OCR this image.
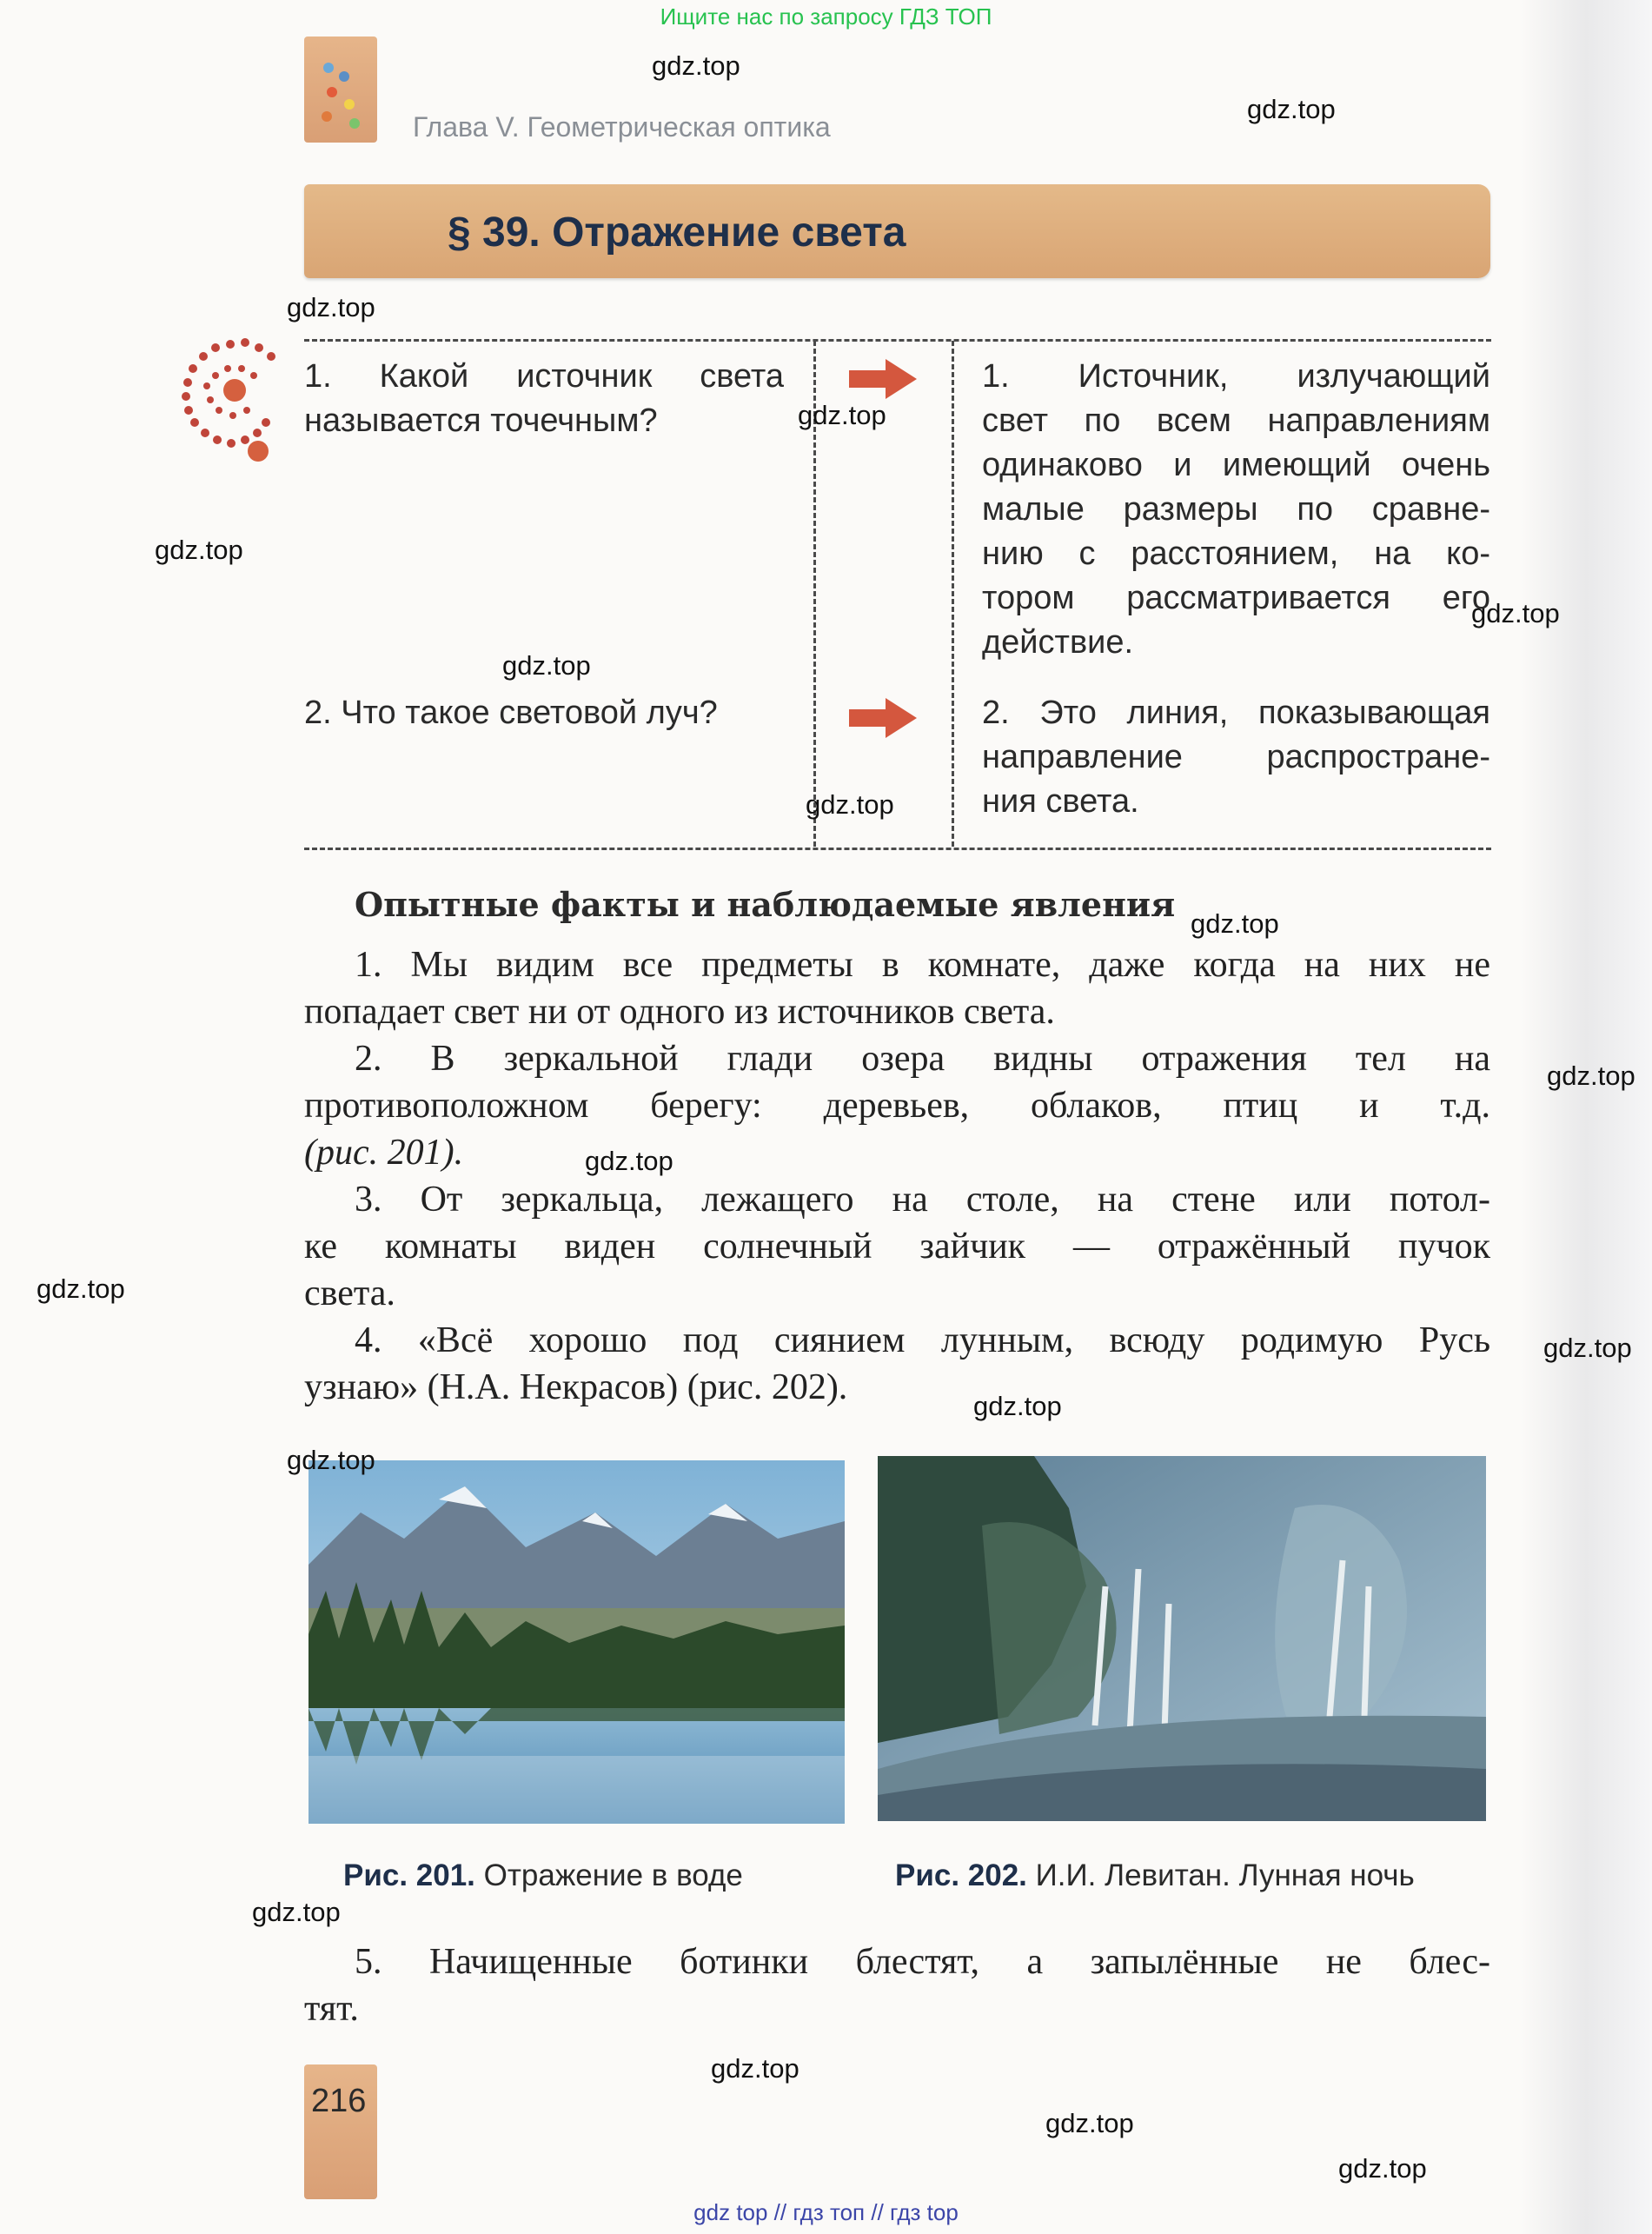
Ищите нас по запросу ГДЗ ТОП
Глава V. Геометрическая оптика
§ 39. Отражение света
1. Какой источник света
называется точечным?
1. Источник, излучающий
свет по всем направлениям
одинаково и имеющий очень
малые размеры по сравне-
нию с расстоянием, на ко-
тором рассматривается его
действие.
2. Что такое световой луч?	2. Это линия, показывающая
направление распростране-
ния света.
Опытные факты и наблюдаемые явления

1. Мы видим все предметы в комнате, даже когда на них не

попадает свет ни от одного из источников света.

2. В зеркальной глади озера видны отражения тел на

противоположном берегу: деревьев, облаков, птиц и т.д.

(рис. 201).

3. От зеркальца, лежащего на столе, на стене или потол-

ке комнаты виден солнечный зайчик — отражённый пучок

света.

4. «Всё хорошо под сиянием лунным, всюду родимую Русь

узнаю» (Н.А. Некрасов) (рис. 202).

Рис. 201. Отражение в воде	Рис. 202. И.И. Левитан. Лунная ночь

5. Начищенные ботинки блестят, а запылённые не блес-

тят.

216
gdz.top
gdz.top
gdz.top
gdz.top
gdz.top
gdz.top
gdz.top
gdz.top
gdz.top
gdz.top
gdz.top
gdz.top
gdz.top
gdz.top
gdz.top
gdz.top
gdz.top
gdz.top
gdz.top
gdz top // гдз топ // гдз top
